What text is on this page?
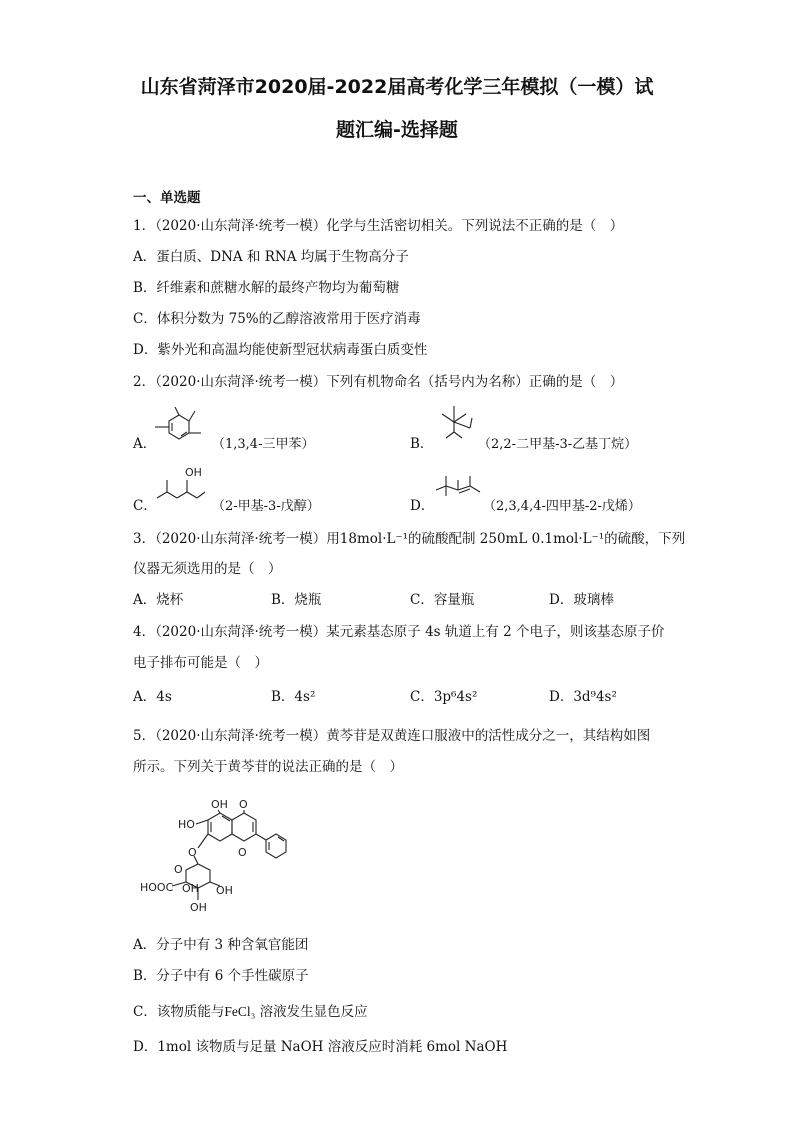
山东省菏泽市2020届-2022届高考化学三年模拟（一模）试
题汇编-选择题
一、单选题
1．（2020·山东菏泽·统考一模）化学与生活密切相关。下列说法不正确的是（　）
A．蛋白质、DNA 和 RNA 均属于生物高分子
B．纤维素和蔗糖水解的最终产物均为葡萄糖
C．体积分数为 75%的乙醇溶液常用于医疗消毒
D．紫外光和高温均能使新型冠状病毒蛋白质变性
2．（2020·山东菏泽·统考一模）下列有机物命名（括号内为名称）正确的是（　）
A．	（1,3,4-三甲苯）	B．	（2,2-二甲基-3-乙基丁烷）
C．
OH
（2-甲基-3-戊醇）	D．	（2,3,4,4-四甲基-2-戊烯）
3．（2020·山东菏泽·统考一模）用18mol·L⁻¹的硫酸配制 250mL 0.1mol·L⁻¹的硫酸，下列
仪器无须选用的是（　）
A．烧杯	B．烧瓶	C．容量瓶	D．玻璃棒
4．（2020·山东菏泽·统考一模）某元素基态原子 4s 轨道上有 2 个电子，则该基态原子价
电子排布可能是（　）
A．4s	B．4s²	C．3p⁶4s²	D．3d⁹4s²
5．（2020·山东菏泽·统考一模）黄芩苷是双黄连口服液中的活性成分之一，其结构如图
所示。下列关于黄芩苷的说法正确的是（　）
OH O
HO
O
O
O
HOOC OH OH
OH
A．分子中有 3 种含氧官能团
B．分子中有 6 个手性碳原子
C．该物质能与FeCl₃ 溶液发生显色反应
D．1mol 该物质与足量 NaOH 溶液反应时消耗 6mol NaOH
